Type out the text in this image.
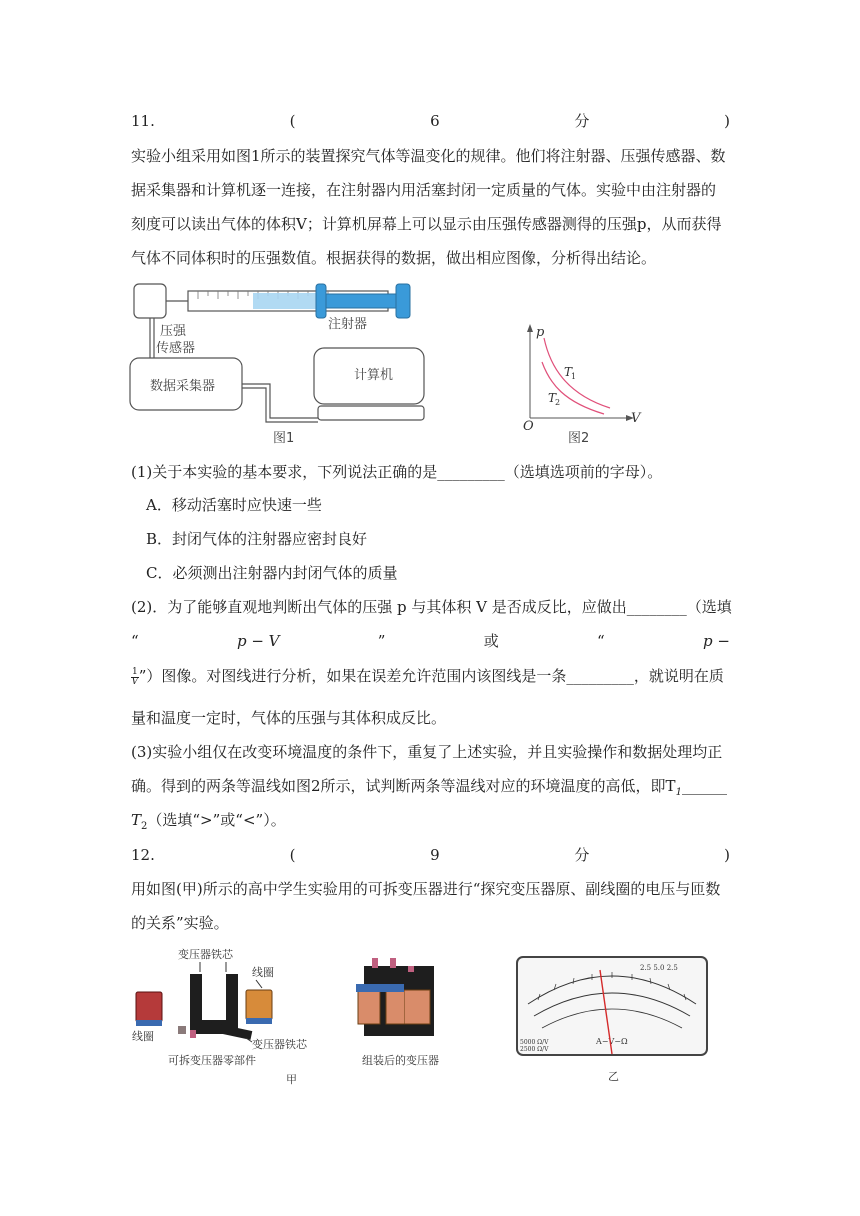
11.	(	6	分	)
实验小组采用如图1所示的装置探究气体等温变化的规律。他们将注射器、压强传感器、数
据采集器和计算机逐一连接，在注射器内用活塞封闭一定质量的气体。实验中由注射器的
刻度可以读出气体的体积V；计算机屏幕上可以显示由压强传感器测得的压强p，从而获得
气体不同体积时的压强数值。根据获得的数据，做出相应图像，分析得出结论。
注射器
压强
传感器
数据采集器
计算机
图1
p
V
O
T
1
T
2
图2
(1)关于本实验的基本要求，下列说法正确的是_________（选填选项前的字母）。
A．移动活塞时应快速一些
B．封闭气体的注射器应密封良好
C．必须测出注射器内封闭气体的质量
(2)．为了能够直观地判断出气体的压强 p 与其体积 V 是否成反比，应做出________（选填
“	p − V	”	或	“	p −
$\frac{1}{V}$ ”）图像。对图线进行分析，如果在误差允许范围内该图线是一条_________，就说明在质
量和温度一定时，气体的压强与其体积成反比。
(3)实验小组仅在改变环境温度的条件下，重复了上述实验，并且实验操作和数据处理均正
确。得到的两条等温线如图2所示，试判断两条等温线对应的环境温度的高低，即$T_1\_\_\_\_\_\_$
$T_2$（选填“>”或“<”）。
12.	(	9	分	)
用如图(甲)所示的高中学生实验用的可拆变压器进行“探究变压器原、副线圈的电压与匝数
的关系”实验。
变压器铁芯
线圈
线圈
变压器铁芯
可拆变压器零部件	组装后的变压器
甲
2.5 5.0 2.5
5000 Ω/V
2500 Ω/V
A−V−Ω
乙
